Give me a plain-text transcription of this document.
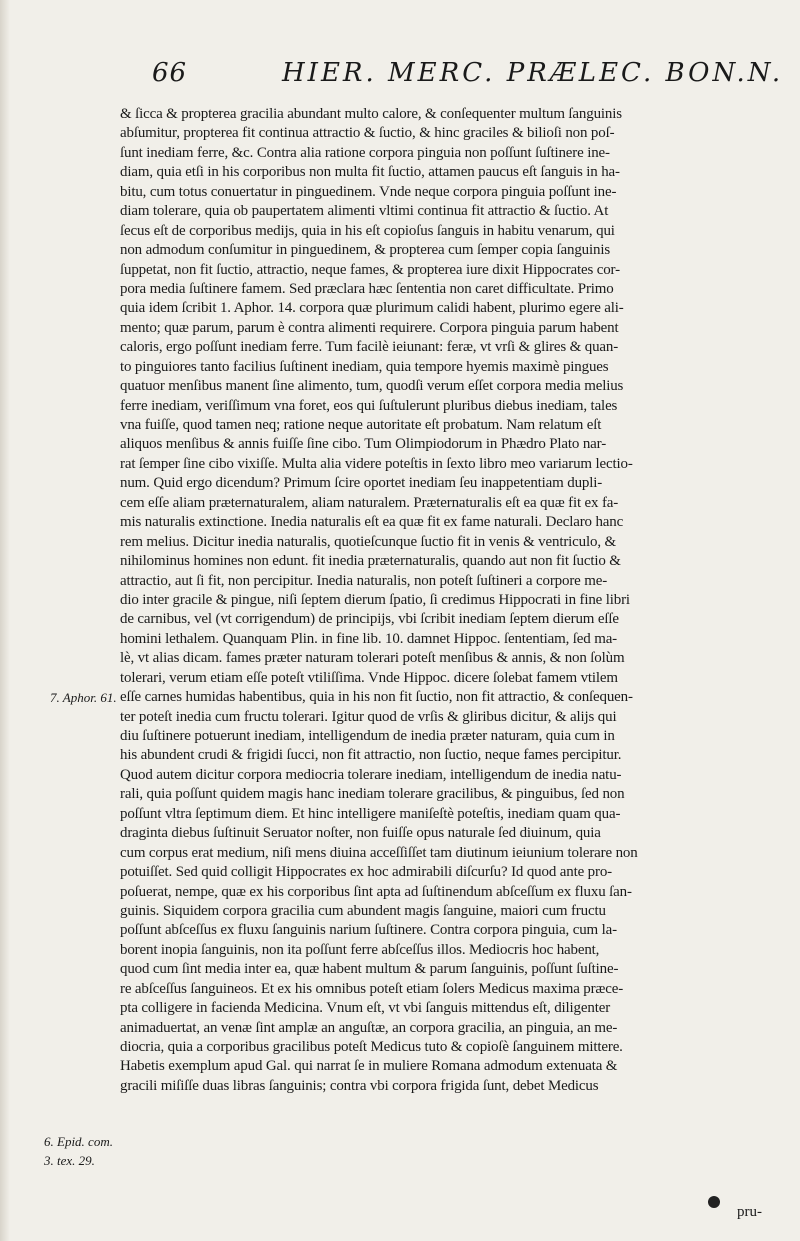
66	HIER. MERC. PRÆLEC. BON.N.
& ſicca & propterea gracilia abundant multo calore, & conſequenter multum ſanguinis
abſumitur, propterea fit continua attractio & ſuctio, & hinc graciles & bilioſi non poſ-
ſunt inediam ferre, &c. Contra alia ratione corpora pinguia non poſſunt ſuſtinere ine-
diam, quia etſi in his corporibus non multa fit ſuctio, attamen paucus eſt ſanguis in ha-
bitu, cum totus conuertatur in pinguedinem. Vnde neque corpora pinguia poſſunt ine-
diam tolerare, quia ob paupertatem alimenti vltimi continua fit attractio & ſuctio. At
ſecus eſt de corporibus medijs, quia in his eſt copioſus ſanguis in habitu venarum, qui
non admodum conſumitur in pinguedinem, & propterea cum ſemper copia ſanguinis
ſuppetat, non fit ſuctio, attractio, neque fames, & propterea iure dixit Hippocrates cor-
pora media ſuſtinere famem. Sed præclara hæc ſententia non caret difficultate. Primo
quia idem ſcribit 1. Aphor. 14. corpora quæ plurimum calidi habent, plurimo egere ali-
mento; quæ parum, parum è contra alimenti requirere. Corpora pinguia parum habent
caloris, ergo poſſunt inediam ferre. Tum facilè ieiunant: feræ, vt vrſi & glires & quan-
to pinguiores tanto facilius ſuſtinent inediam, quia tempore hyemis maximè pingues
quatuor menſibus manent ſine alimento, tum, quodſi verum eſſet corpora media melius
ferre inediam, veriſſimum vna foret, eos qui ſuſtulerunt pluribus diebus inediam, tales
vna fuiſſe, quod tamen neq; ratione neque autoritate eſt probatum. Nam relatum eſt
aliquos menſibus & annis fuiſſe ſine cibo. Tum Olimpiodorum in Phædro Plato nar-
rat ſemper ſine cibo vixiſſe. Multa alia videre poteſtis in ſexto libro meo variarum lectio-
num. Quid ergo dicendum? Primum ſcire oportet inediam ſeu inappetentiam dupli-
cem eſſe aliam præternaturalem, aliam naturalem. Præternaturalis eſt ea quæ fit ex fa-
mis naturalis extinctione. Inedia naturalis eſt ea quæ fit ex fame naturali. Declaro hanc
rem melius. Dicitur inedia naturalis, quotieſcunque ſuctio fit in venis & ventriculo, &
nihilominus homines non edunt. fit inedia præternaturalis, quando aut non fit ſuctio &
attractio, aut ſi fit, non percipitur. Inedia naturalis, non poteſt ſuſtineri a corpore me-
dio inter gracile & pingue, niſi ſeptem dierum ſpatio, ſi credimus Hippocrati in fine libri
de carnibus, vel (vt corrigendum) de principijs, vbi ſcribit inediam ſeptem dierum eſſe
homini lethalem. Quanquam Plin. in fine lib. 10. damnet Hippoc. ſententiam, ſed ma-
lè, vt alias dicam. fames præter naturam tolerari poteſt menſibus & annis, & non ſolùm
tolerari, verum etiam eſſe poteſt vtiliſſima. Vnde Hippoc. dicere ſolebat famem vtilem
eſſe carnes humidas habentibus, quia in his non fit ſuctio, non fit attractio, & conſequen-
ter poteſt inedia cum fructu tolerari. Igitur quod de vrſis & gliribus dicitur, & alijs qui
diu ſuſtinere potuerunt inediam, intelligendum de inedia præter naturam, quia cum in
his abundent crudi & frigidi ſucci, non fit attractio, non ſuctio, neque fames percipitur.
Quod autem dicitur corpora mediocria tolerare inediam, intelligendum de inedia natu-
rali, quia poſſunt quidem magis hanc inediam tolerare gracilibus, & pinguibus, ſed non
poſſunt vltra ſeptimum diem. Et hinc intelligere maniſeſtè poteſtis, inediam quam qua-
draginta diebus ſuſtinuit Seruator noſter, non fuiſſe opus naturale ſed diuinum, quia
cum corpus erat medium, niſi mens diuina acceſſiſſet tam diutinum ieiunium tolerare non
potuiſſet. Sed quid colligit Hippocrates ex hoc admirabili diſcurſu? Id quod ante pro-
poſuerat, nempe, quæ ex his corporibus ſint apta ad ſuſtinendum abſceſſum ex fluxu ſan-
guinis. Siquidem corpora gracilia cum abundent magis ſanguine, maiori cum fructu
poſſunt abſceſſus ex fluxu ſanguinis narium ſuſtinere. Contra corpora pinguia, cum la-
borent inopia ſanguinis, non ita poſſunt ferre abſceſſus illos. Mediocris hoc habent,
quod cum ſint media inter ea, quæ habent multum & parum ſanguinis, poſſunt ſuſtine-
re abſceſſus ſanguineos. Et ex his omnibus poteſt etiam ſolers Medicus maxima præce-
pta colligere in facienda Medicina. Vnum eſt, vt vbi ſanguis mittendus eſt, diligenter
animaduertat, an venæ ſint amplæ an anguſtæ, an corpora gracilia, an pinguia, an me-
diocria, quia a corporibus gracilibus poteſt Medicus tuto & copioſè ſanguinem mittere.
Habetis exemplum apud Gal. qui narrat ſe in muliere Romana admodum extenuata &
gracili miſiſſe duas libras ſanguinis; contra vbi corpora frigida ſunt, debet Medicus
7. Aphor. 61.
6. Epid. com.
3. tex. 29.
pru-
